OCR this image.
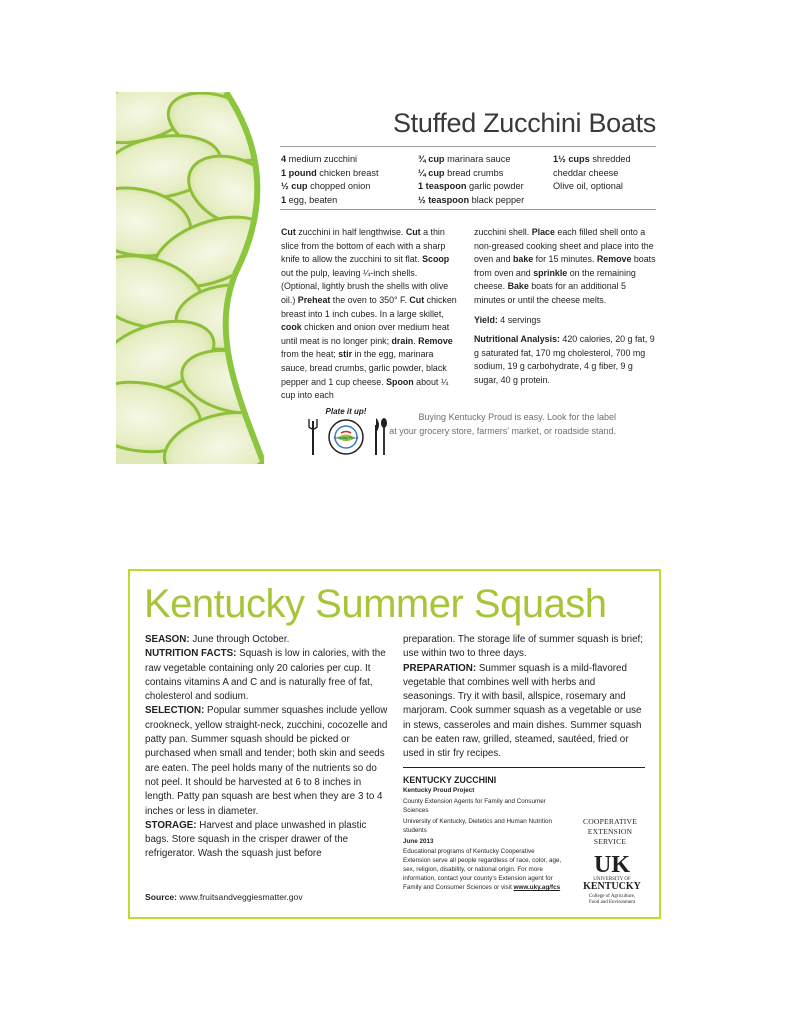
Stuffed Zucchini Boats
4 medium zucchini
1 pound chicken breast
½ cup chopped onion
1 egg, beaten
¾ cup marinara sauce
¼ cup bread crumbs
1 teaspoon garlic powder
½ teaspoon black pepper
1½ cups shredded
cheddar cheese
Olive oil, optional

Cut zucchini in half lengthwise. Cut a thin slice from the bottom of each with a sharp knife to allow the zucchini to sit flat. Scoop out the pulp, leaving ¼-inch shells. (Optional, lightly brush the shells with olive oil.) Preheat the oven to 350° F. Cut chicken breast into 1 inch cubes. In a large skillet, cook chicken and onion over medium heat until meat is no longer pink; drain. Remove from the heat; stir in the egg, marinara sauce, bread crumbs, garlic powder, black pepper and 1 cup cheese. Spoon about ¼ cup into each

zucchini shell. Place each filled shell onto a non-greased cooking sheet and place into the oven and bake for 15 minutes. Remove boats from oven and sprinkle on the remaining cheese. Bake boats for an additional 5 minutes or until the cheese melts.

Yield: 4 servings

Nutritional Analysis: 420 calories, 20 g fat, 9 g saturated fat, 170 mg cholesterol, 700 mg sodium, 19 g carbohydrate, 4 g fiber, 9 g sugar, 40 g protein.

Plate it up!
Kentucky Proud
Buying Kentucky Proud is easy. Look for the label
at your grocery store, farmers’ market, or roadside stand.
Kentucky Summer Squash

SEASON: June through October.

NUTRITION FACTS: Squash is low in calories, with the raw vegetable containing only 20 calories per cup. It contains vitamins A and C and is naturally free of fat, cholesterol and sodium.

SELECTION: Popular summer squashes include yellow crookneck, yellow straight-neck, zucchini, cocozelle and patty pan. Summer squash should be picked or purchased when small and tender; both skin and seeds are eaten. The peel holds many of the nutrients so do not peel. It should be harvested at 6 to 8 inches in length. Patty pan squash are best when they are 3 to 4 inches or less in diameter.

STORAGE: Harvest and place unwashed in plastic bags. Store squash in the crisper drawer of the refrigerator. Wash the squash just before

preparation. The storage life of summer squash is brief; use within two to three days.

PREPARATION: Summer squash is a mild-flavored vegetable that combines well with herbs and seasonings. Try it with basil, allspice, rosemary and marjoram. Cook summer squash as a vegetable or use in stews, casseroles and main dishes. Summer squash can be eaten raw, grilled, steamed, sautéed, fried or used in stir fry recipes.

Source: www.fruitsandveggiesmatter.gov

KENTUCKY ZUCCHINI

Kentucky Proud Project

County Extension Agents for Family and Consumer Sciences

University of Kentucky, Dietetics and Human Nutrition students

June 2013

Educational programs of Kentucky Cooperative Extension serve all people regardless of race, color, age, sex, religion, disability, or national origin. For more information, contact your county’s Extension agent for Family and Consumer Sciences or visit www.uky.ag/fcs

COOPERATIVE
EXTENSION
SERVICE
UK
UNIVERSITY OF
KENTUCKY
College of Agriculture,
Food and Environment
